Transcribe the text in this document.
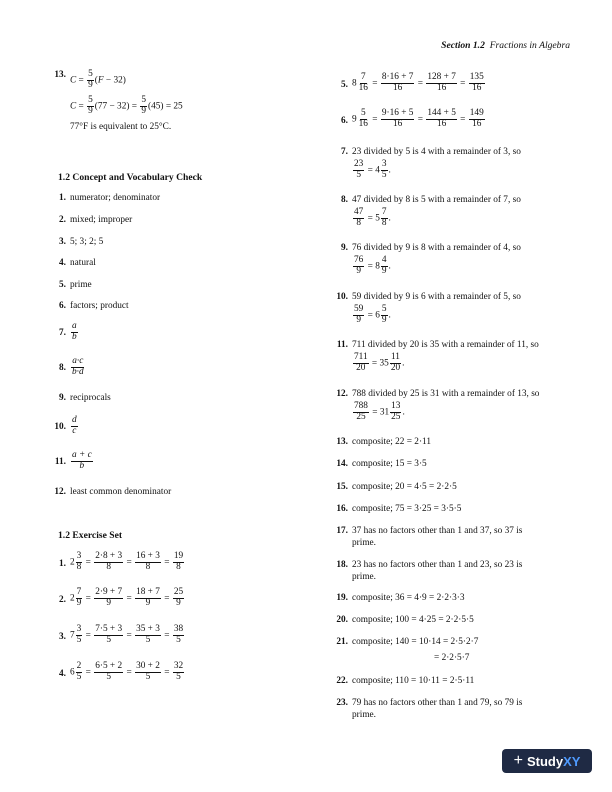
Section 1.2 Fractions in Algebra
13.
$C = \frac{5}{9} (F - 32)$
$C = \frac{5}{9} (77 - 32) = \frac{5}{9} (45) = 25$
77°F is equivalent to 25°C.
1.2 Concept and Vocabulary Check
1. numerator; denominator
2. mixed; improper
3. 5; 3; 2; 5
4. natural
5. prime
6. factors; product
7. $\frac{a}{b}$
8. $\frac{a\cdot c}{b\cdot d}$
9. reciprocals
10. $\frac{d}{c}$
11. $\frac{a + c}{b}$
12. least common denominator
1.2 Exercise Set
1. $2 \frac{3}{8} = \frac{2\cdot 8 + 3}{8} = \frac{16 + 3}{8} = \frac{19}{8}$
2. $2 \frac{7}{9} = \frac{2\cdot 9 + 7}{9} = \frac{18 + 7}{9} = \frac{25}{9}$
3. $7 \frac{3}{5} = \frac{7\cdot 5 + 3}{5} = \frac{35 + 3}{5} = \frac{38}{5}$
4. $6 \frac{2}{5} = \frac{6\cdot 5 + 2}{5} = \frac{30 + 2}{5} = \frac{32}{5}$
5. $8 \frac{7}{16} = \frac{8\cdot 16 + 7}{16} = \frac{128 + 7}{16} = \frac{135}{16}$
6. $9 \frac{5}{16} = \frac{9\cdot 16 + 5}{16} = \frac{144 + 5}{16} = \frac{149}{16}$
7. 23 divided by 5 is 4 with a remainder of 3, so
$\frac{23}{5} = 4 \frac{3}{5}$ .
8. 47 divided by 8 is 5 with a remainder of 7, so
$\frac{47}{8} = 5 \frac{7}{8}$ .
9. 76 divided by 9 is 8 with a remainder of 4, so
$\frac{76}{9} = 8 \frac{4}{9}$ .
10. 59 divided by 9 is 6 with a remainder of 5, so
$\frac{59}{9} = 6 \frac{5}{9}$ .
11. 711 divided by 20 is 35 with a remainder of 11, so
$\frac{711}{20} = 35 \frac{11}{20}$ .
12. 788 divided by 25 is 31 with a remainder of 13, so
$\frac{788}{25} = 31 \frac{13}{25}$ .
13. composite; 22 = 2·11
14. composite; 15 = 3·5
15. composite; 20 = 4·5 = 2·2·5
16. composite; 75 = 3·25 = 3·5·5
17. 37 has no factors other than 1 and 37, so 37 is
prime.
18. 23 has no factors other than 1 and 23, so 23 is
prime.
19. composite; 36 = 4·9 = 2·2·3·3
20. composite; 100 = 4·25 = 2·2·5·5
21. composite; 140 = 10·14 = 2·5·2·7
= 2·2·5·7
22. composite; 110 = 10·11 = 2·5·11
23. 79 has no factors other than 1 and 79, so 79 is
prime.
+ Study XY
